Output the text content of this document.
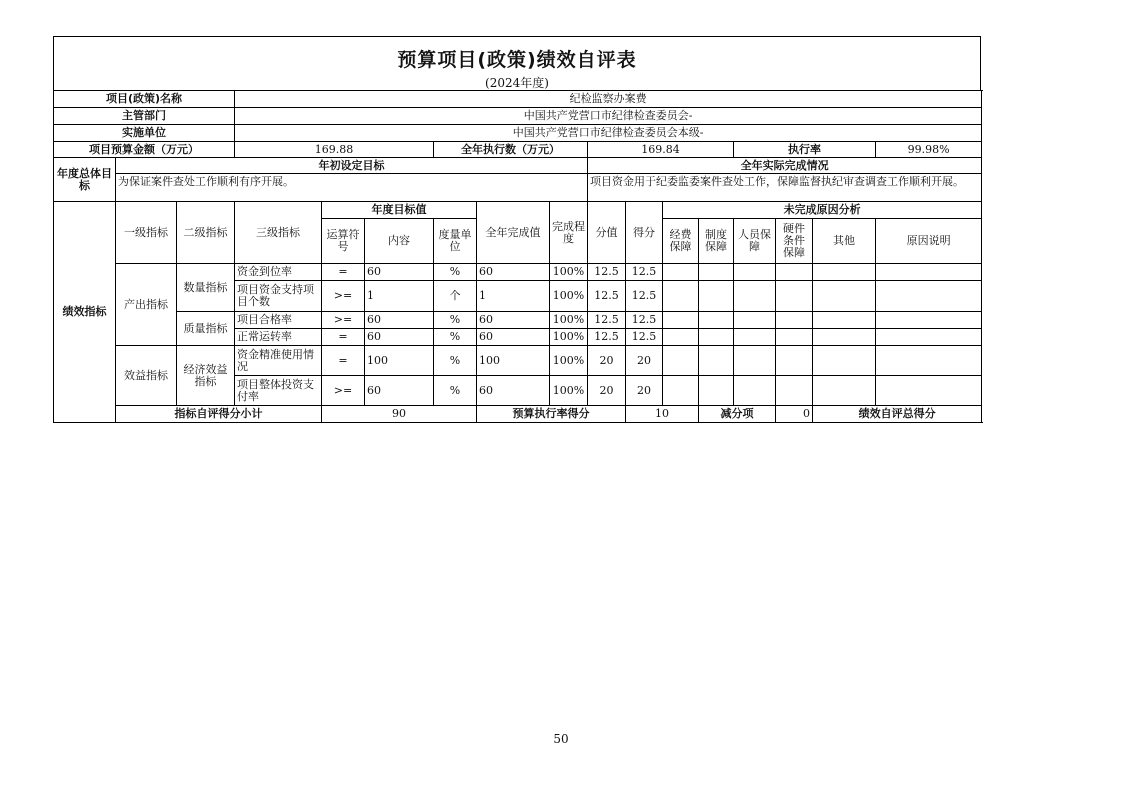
预算项目(政策)绩效自评表
(2024年度)
项目(政策)名称			纪检监察办案费														
主管部门			中国共产党营口市纪律检查委员会-														
实施单位			中国共产党营口市纪律检查委员会本级-														
项目预算金额（万元）			169.88			全年执行数（万元）			169.84				执行率			99.98%	
年度总体目标	年初设定目标								全年实际完成情况								
	为保证案件查处工作顺利有序开展。								项目资金用于纪委监委案件查处工作，保障监督执纪审查调查工作顺利开展。								
绩效指标	一级指标	二级指标	三级指标	年度目标值			全年完成值	完成程度	分值	得分	未完成原因分析	
				运算符号	内容	度量单位					经费保障	制度保障	人员保障	硬件条件保障	其他	原因说明	
	产出指标	数量指标	资金到位率	=	60	%	60	100%	12.5	12.5							
			项目资金支持项目个数	>=	1	个	1	100%	12.5	12.5							
		质量指标	项目合格率	>=	60	%	60	100%	12.5	12.5							
			正常运转率	=	60	%	60	100%	12.5	12.5							
	效益指标	经济效益指标	资金精准使用情况	=	100	%	100	100%	20	20							
			项目整体投资支付率	>=	60	%	60	100%	20	20							
	指标自评得分小计			90			预算执行率得分			10		减分项		0	绩效自评总得分	
50
